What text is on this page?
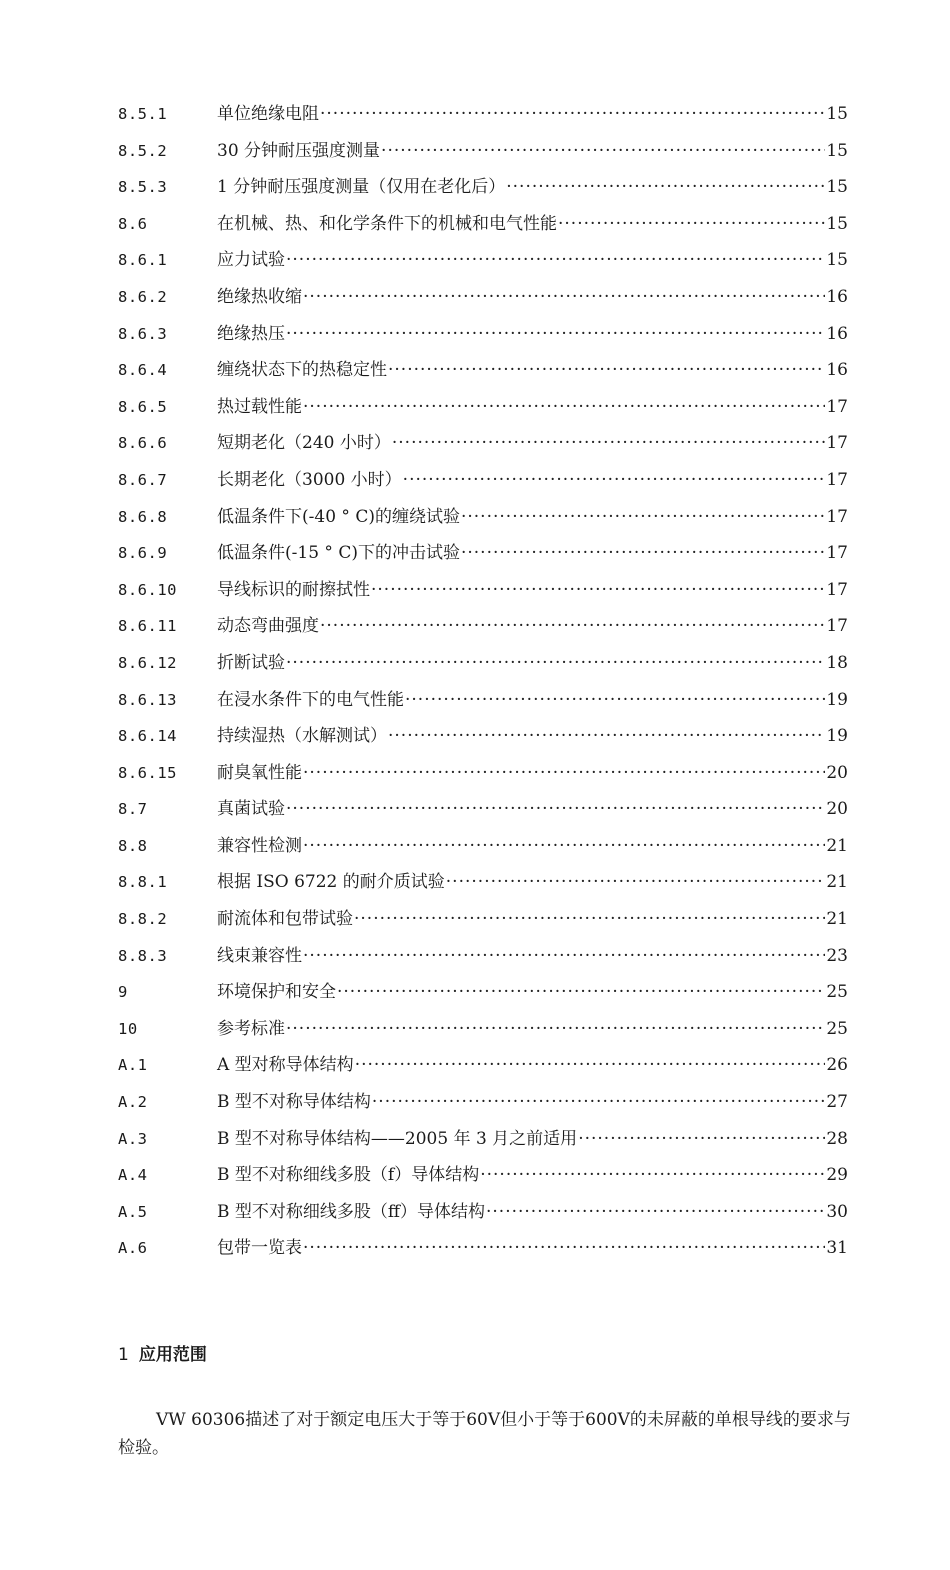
8.5.1	单位绝缘电阻 ·····	15
8.5.2	30 分钟耐压强度测量 ·····	15
8.5.3	1 分钟耐压强度测量（仅用在老化后） ·····	15
8.6	在机械、热、和化学条件下的机械和电气性能 ·····	15
8.6.1	应力试验 ·····	15
8.6.2	绝缘热收缩 ·····	16
8.6.3	绝缘热压 ·····	16
8.6.4	缠绕状态下的热稳定性 ·····	16
8.6.5	热过载性能 ·····	17
8.6.6	短期老化（240 小时） ·····	17
8.6.7	长期老化（3000 小时） ·····	17
8.6.8	低温条件下(-40 ° C)的缠绕试验 ·····	17
8.6.9	低温条件(-15 ° C)下的冲击试验 ·····	17
8.6.10	导线标识的耐擦拭性 ·····	17
8.6.11	动态弯曲强度 ·····	17
8.6.12	折断试验 ·····	18
8.6.13	在浸水条件下的电气性能 ·····	19
8.6.14	持续湿热（水解测试） ·····	19
8.6.15	耐臭氧性能 ·····	20
8.7	真菌试验 ·····	20
8.8	兼容性检测 ·····	21
8.8.1	根据 ISO 6722 的耐介质试验 ·····	21
8.8.2	耐流体和包带试验 ·····	21
8.8.3	线束兼容性 ·····	23
9	环境保护和安全 ·····	25
10	参考标准 ·····	25
A.1	A 型对称导体结构 ·····	26
A.2	B 型不对称导体结构 ·····	27
A.3	B 型不对称导体结构——2005 年 3 月之前适用 ·····	28
A.4	B 型不对称细线多股（f）导体结构 ·····	29
A.5	B 型不对称细线多股（ff）导体结构 ·····	30
A.6	包带一览表 ·····	31
1 应用范围
VW 60306描述了对于额定电压大于等于60V但小于等于600V的未屏蔽的单根导线的要求与检验。
